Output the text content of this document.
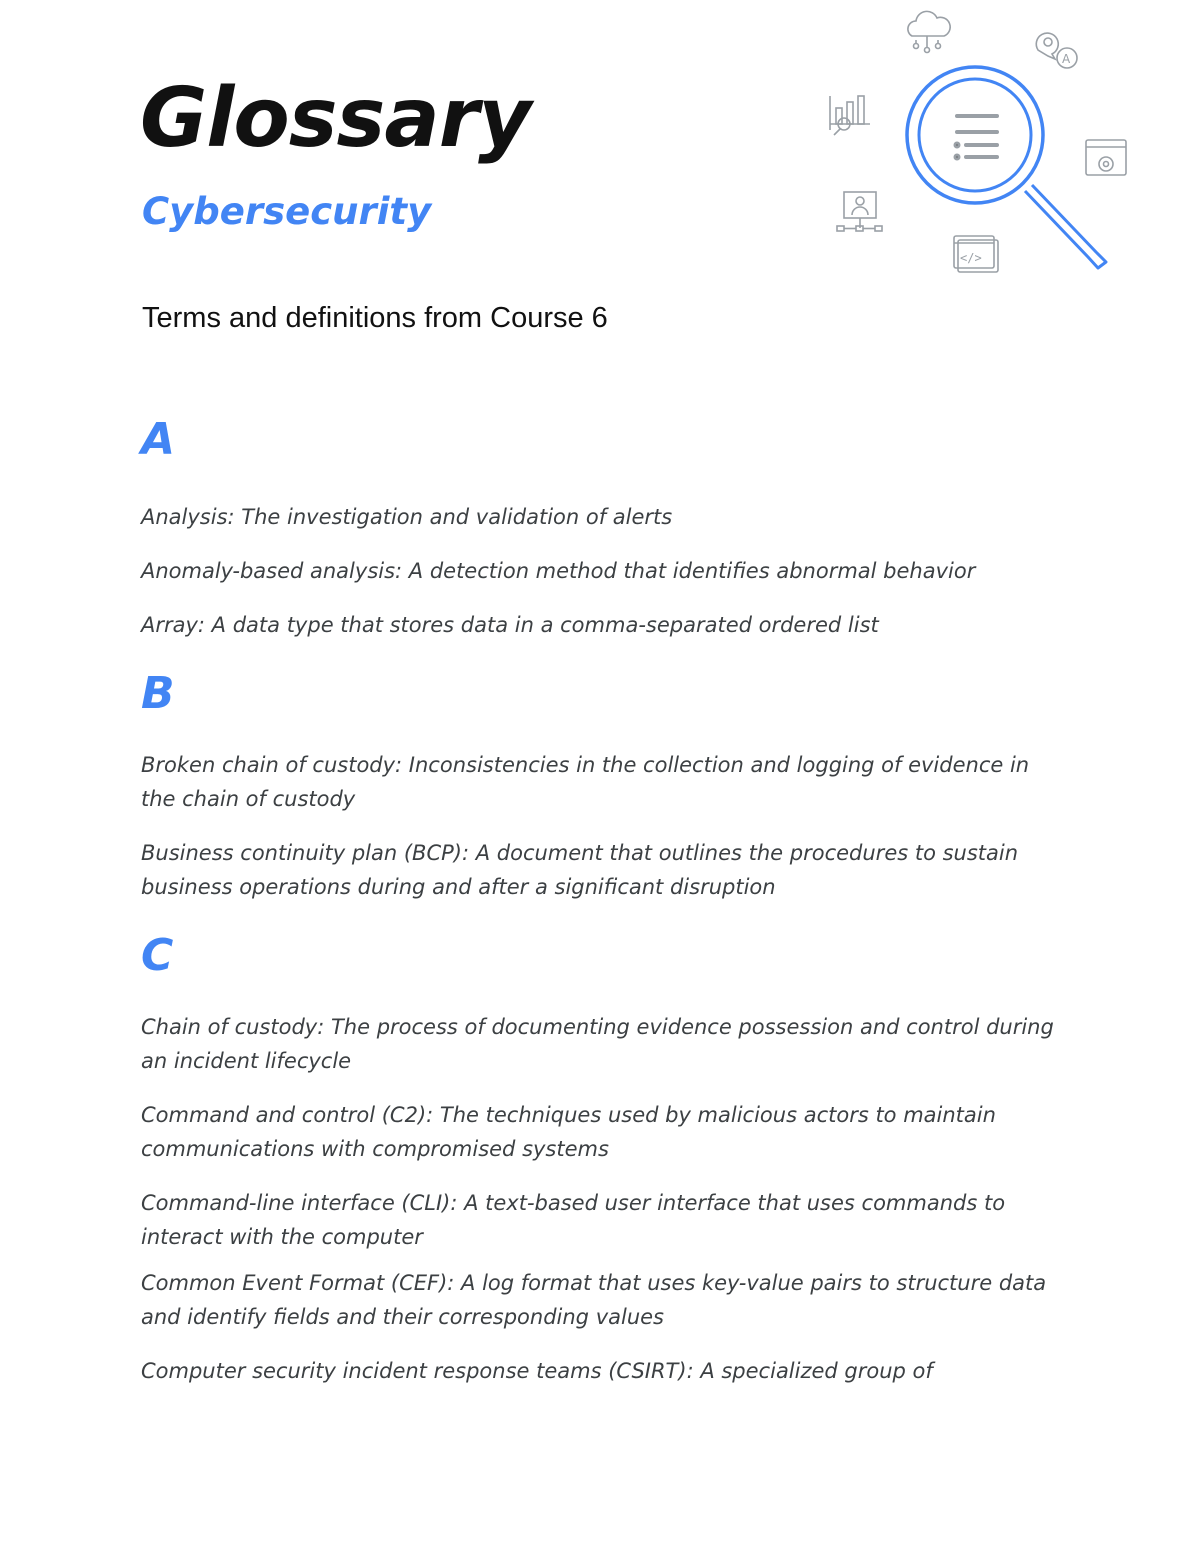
Glossary
Cybersecurity

Terms and definitions from Course 6

A
</>
A

Analysis: The investigation and validation of alerts

Anomaly-based analysis: A detection method that identifies abnormal behavior

Array: A data type that stores data in a comma-separated ordered list

B

Broken chain of custody: Inconsistencies in the collection and logging of evidence in the chain of custody

Business continuity plan (BCP): A document that outlines the procedures to sustain business operations during and after a significant disruption

C

Chain of custody: The process of documenting evidence possession and control during an incident lifecycle

Command and control (C2): The techniques used by malicious actors to maintain communications with compromised systems

Command-line interface (CLI): A text-based user interface that uses commands to interact with the computer

Common Event Format (CEF): A log format that uses key-value pairs to structure data and identify fields and their corresponding values

Computer security incident response teams (CSIRT): A specialized group of
